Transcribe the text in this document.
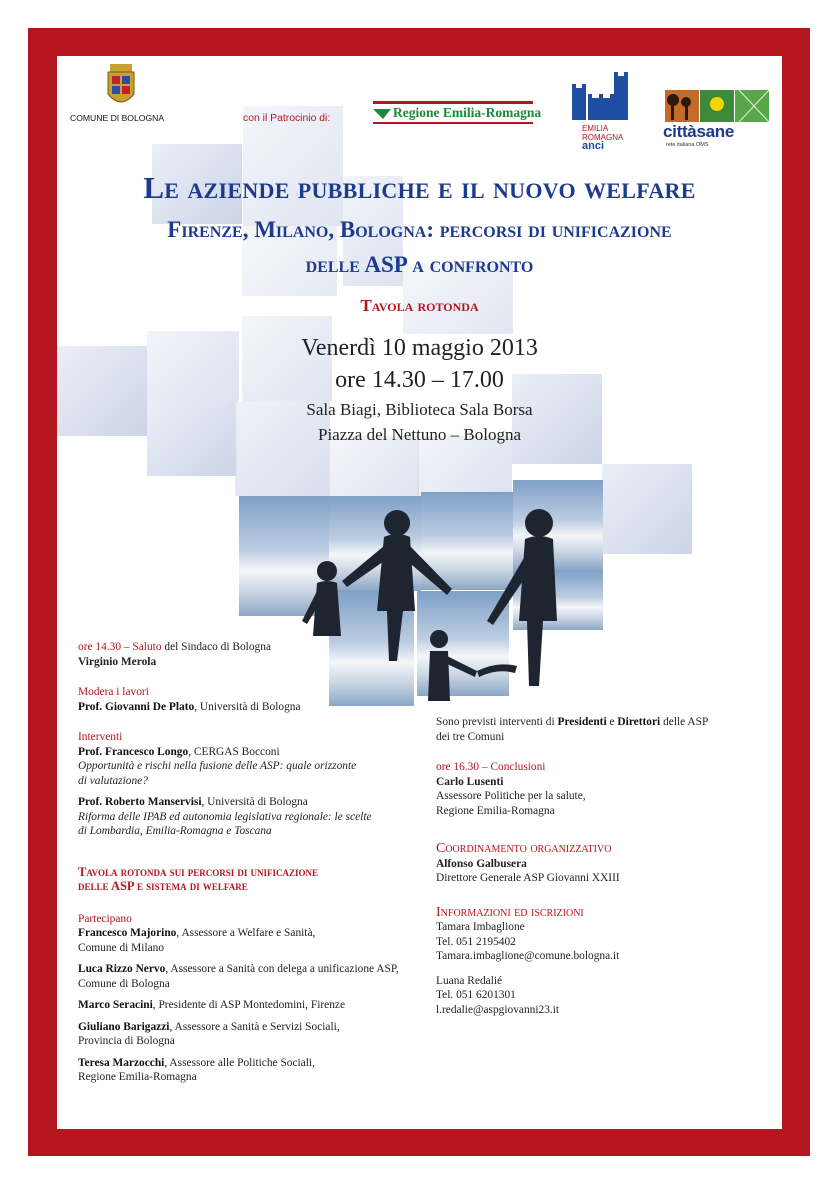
COMUNE DI BOLOGNA	con il Patrocinio di:	Regione Emilia-Romagna
EMILIA
ROMAGNA
anci
cittàsane
rete italiana OMS
Le aziende pubbliche e il nuovo welfare
Firenze, Milano, Bologna: percorsi di unificazione
delle ASP a confronto
Tavola rotonda
Venerdì 10 maggio 2013
ore 14.30 – 17.00
Sala Biagi, Biblioteca Sala Borsa
Piazza del Nettuno – Bologna
ore 14.30 – Saluto del Sindaco di Bologna
Virginio Merola
Modera i lavori
Prof. Giovanni De Plato, Università di Bologna
Interventi
Prof. Francesco Longo, CERGAS Bocconi
Opportunità e rischi nella fusione delle ASP: quale orizzonte
di valutazione?
Prof. Roberto Manservisi, Università di Bologna
Riforma delle IPAB ed autonomia legislativa regionale: le scelte
di Lombardia, Emilia-Romagna e Toscana
Tavola rotonda sui percorsi di unificazione
delle ASP e sistema di welfare
Partecipano
Francesco Majorino, Assessore a Welfare e Sanità,
Comune di Milano
Luca Rizzo Nervo, Assessore a Sanità con delega a unificazione ASP,
Comune di Bologna
Marco Seracini, Presidente di ASP Montedomini, Firenze
Giuliano Barigazzi, Assessore a Sanità e Servizi Sociali,
Provincia di Bologna
Teresa Marzocchi, Assessore alle Politiche Sociali,
Regione Emilia-Romagna
Sono previsti interventi di Presidenti e Direttori delle ASP
dei tre Comuni
ore 16.30 – Conclusioni
Carlo Lusenti
Assessore Politiche per la salute,
Regione Emilia-Romagna
Coordinamento organizzativo
Alfonso Galbusera
Direttore Generale ASP Giovanni XXIII
Informazioni ed iscrizioni
Tamara Imbaglione
Tel. 051 2195402
Tamara.imbaglione@comune.bologna.it
Luana Redalié
Tel. 051 6201301
l.redalie@aspgiovanni23.it
